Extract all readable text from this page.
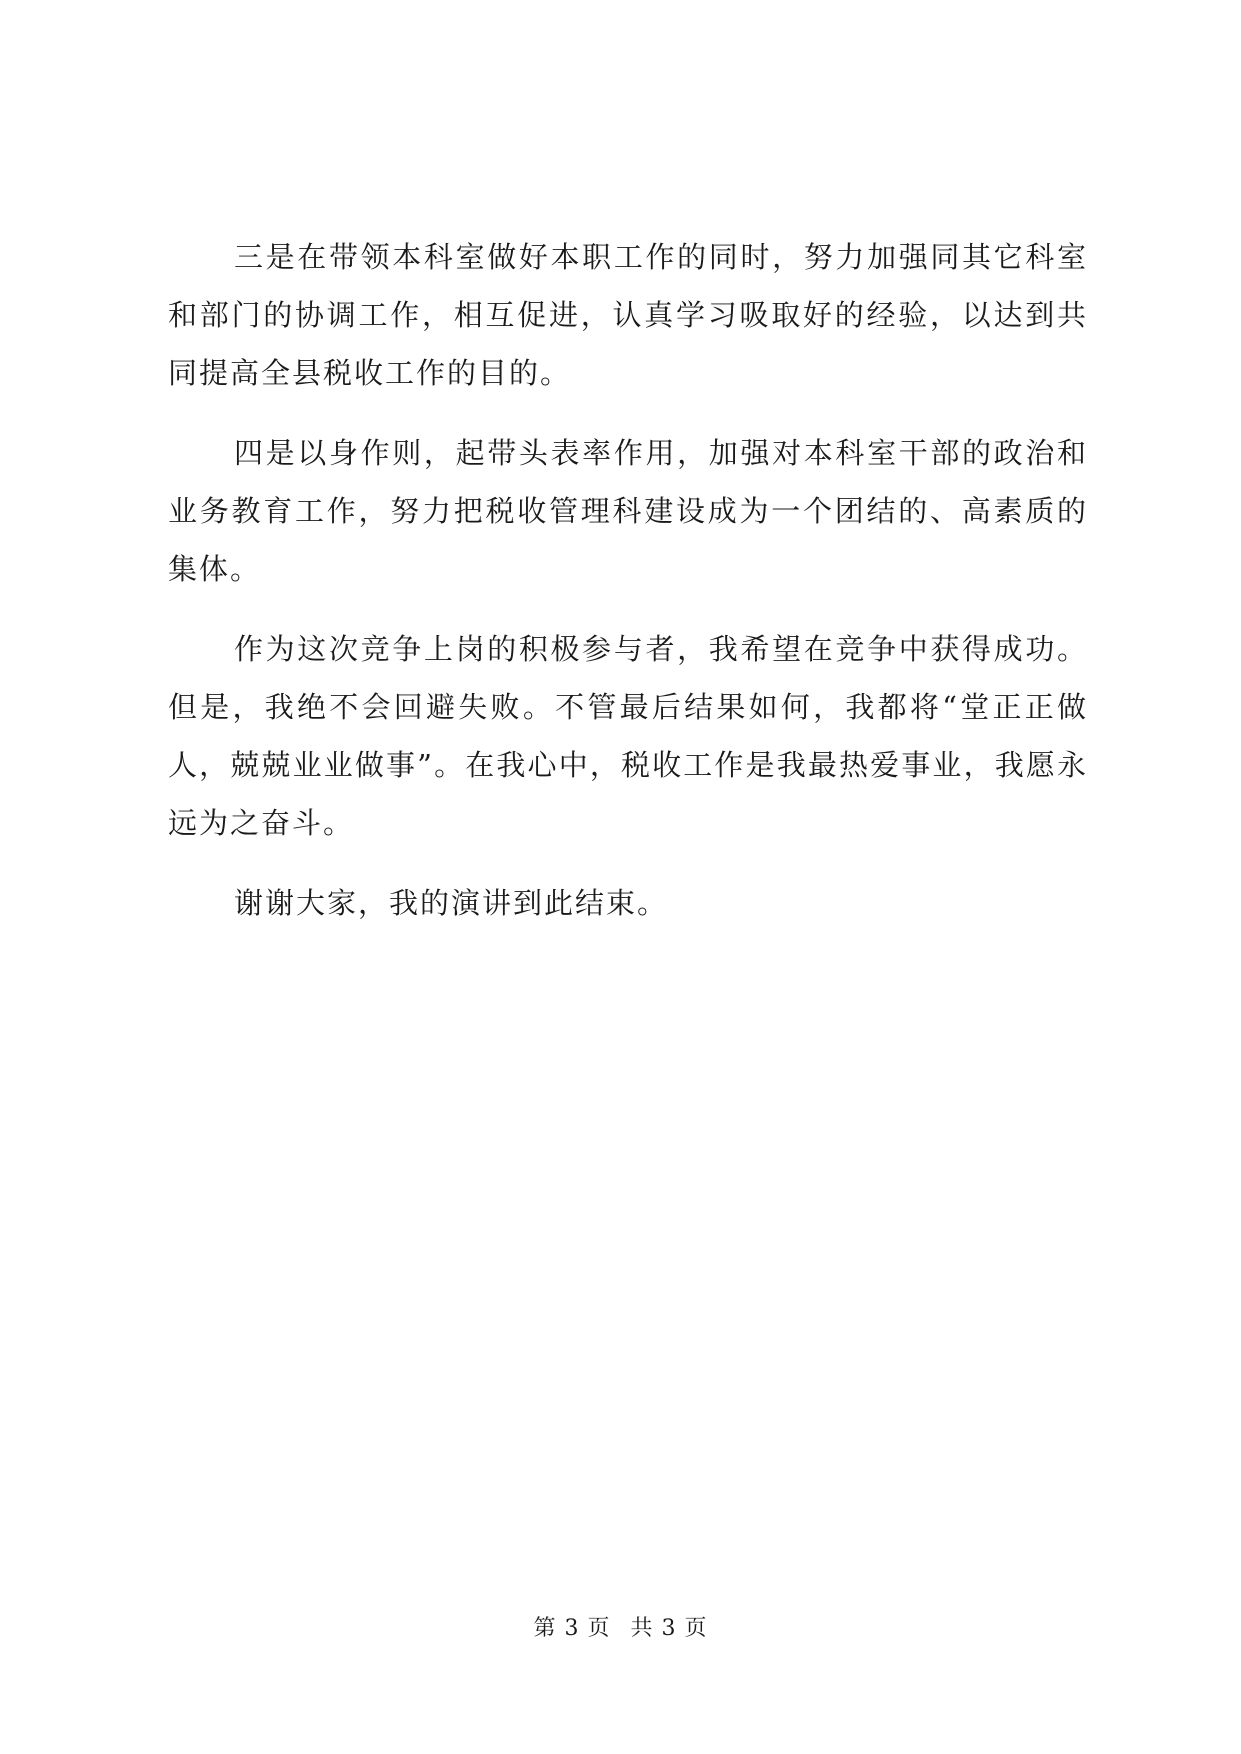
三是在带领本科室做好本职工作的同时，努力加强同其它科室和部门的协调工作，相互促进，认真学习吸取好的经验，以达到共同提高全县税收工作的目的。

四是以身作则，起带头表率作用，加强对本科室干部的政治和业务教育工作，努力把税收管理科建设成为一个团结的、高素质的集体。

作为这次竞争上岗的积极参与者，我希望在竞争中获得成功。但是，我绝不会回避失败。不管最后结果如何，我都将“堂正正做人，兢兢业业做事”。在我心中，税收工作是我最热爱事业，我愿永远为之奋斗。

谢谢大家，我的演讲到此结束。

第 3 页 共 3 页
